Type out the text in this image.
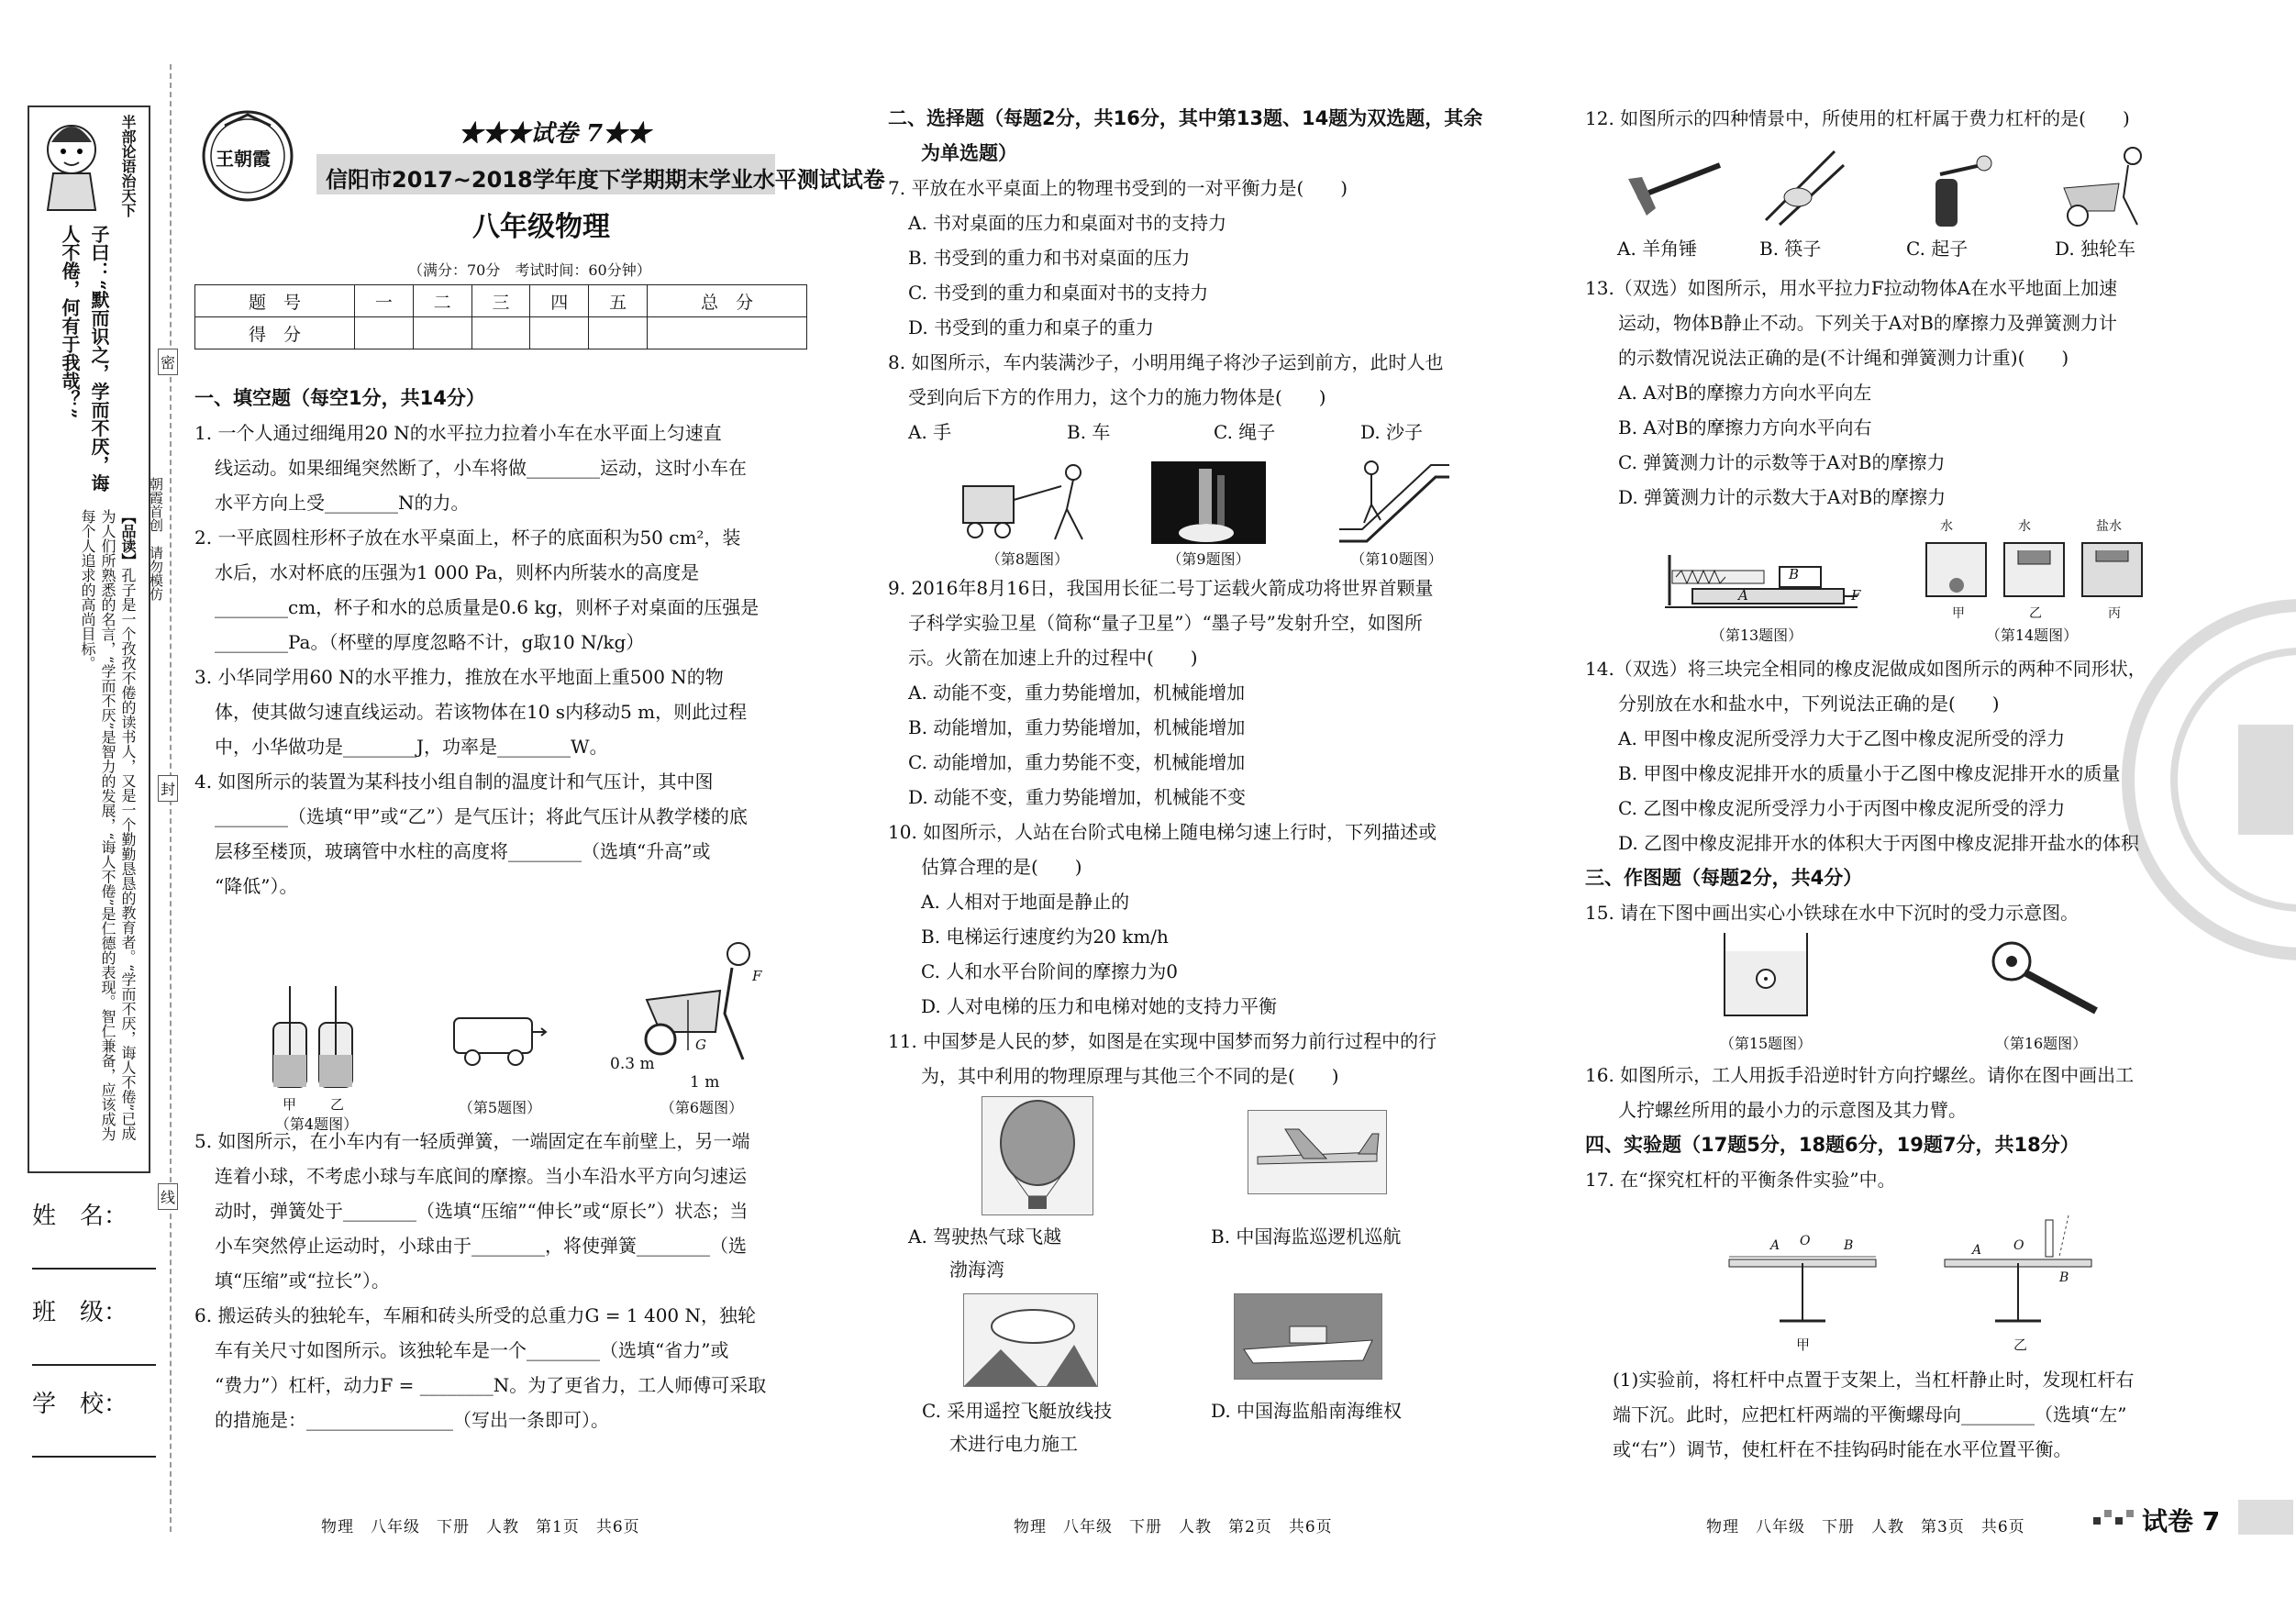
半部论语治天下
子曰：“默而识之，学而不厌，诲人不倦，何有于我哉？”
【品读】孔子是一个孜孜不倦的读书人，又是一个勤勤恳恳的教育者。“学而不厌，诲人不倦”已成为人们所熟悉的名言，“学而不厌”是智力的发展，“诲人不倦”是仁德的表现。智仁兼备，应该成为每个人追求的高尚目标。
密
封
线
朝霞首创　请勿模仿
姓　名：
班　级：
学　校：
王朝霞
★★★试卷 7★★
信阳市2017~2018学年度下学期期末学业水平测试试卷
八年级物理
（满分：70分　考试时间：60分钟）
题　号	一	二	三	四	五	总　分
得　分						
一、填空题（每空1分，共14分）
1. 一个人通过细绳用20 N的水平拉力拉着小车在水平面上匀速直
线运动。如果细绳突然断了，小车将做________运动，这时小车在
水平方向上受________N的力。
2. 一平底圆柱形杯子放在水平桌面上，杯子的底面积为50 cm²，装
水后，水对杯底的压强为1 000 Pa，则杯内所装水的高度是
________cm，杯子和水的总质量是0.6 kg，则杯子对桌面的压强是
________Pa。（杯壁的厚度忽略不计，g取10 N/kg）
3. 小华同学用60 N的水平推力，推放在水平地面上重500 N的物
体，使其做匀速直线运动。若该物体在10 s内移动5 m，则此过程
中，小华做功是________J，功率是________W。
4. 如图所示的装置为某科技小组自制的温度计和气压计，其中图
________（选填“甲”或“乙”）是气压计；将此气压计从教学楼的底
层移至楼顶，玻璃管中水柱的高度将________（选填“升高”或
“降低”）。
甲 乙
（第4题图）
（第5题图）
F
G
0.3 m
1 m
（第6题图）
5. 如图所示，在小车内有一轻质弹簧，一端固定在车前壁上，另一端
连着小球，不考虑小球与车底间的摩擦。当小车沿水平方向匀速运
动时，弹簧处于________（选填“压缩”“伸长”或“原长”）状态；当
小车突然停止运动时，小球由于________，将使弹簧________（选
填“压缩”或“拉长”）。
6. 搬运砖头的独轮车，车厢和砖头所受的总重力G = 1 400 N，独轮
车有关尺寸如图所示。该独轮车是一个________（选填“省力”或
“费力”）杠杆，动力F = ________N。为了更省力，工人师傅可采取
的措施是：________________（写出一条即可）。
物理　八年级　下册　人教　第1页　共6页
二、选择题（每题2分，共16分，其中第13题、14题为双选题，其余
为单选题）
7. 平放在水平桌面上的物理书受到的一对平衡力是(　　)
A. 书对桌面的压力和桌面对书的支持力
B. 书受到的重力和书对桌面的压力
C. 书受到的重力和桌面对书的支持力
D. 书受到的重力和桌子的重力
8. 如图所示，车内装满沙子，小明用绳子将沙子运到前方，此时人也
受到向后下方的作用力，这个力的施力物体是(　　)
A. 手	B. 车	C. 绳子	D. 沙子
（第8题图）	（第9题图）	（第10题图）
9. 2016年8月16日，我国用长征二号丁运载火箭成功将世界首颗量
子科学实验卫星（简称“量子卫星”）“墨子号”发射升空，如图所
示。火箭在加速上升的过程中(　　)
A. 动能不变，重力势能增加，机械能增加
B. 动能增加，重力势能增加，机械能增加
C. 动能增加，重力势能不变，机械能增加
D. 动能不变，重力势能增加，机械能不变
10. 如图所示，人站在台阶式电梯上随电梯匀速上行时，下列描述或
估算合理的是(　　)
A. 人相对于地面是静止的
B. 电梯运行速度约为20 km/h
C. 人和水平台阶间的摩擦力为0
D. 人对电梯的压力和电梯对她的支持力平衡
11. 中国梦是人民的梦，如图是在实现中国梦而努力前行过程中的行
为，其中利用的物理原理与其他三个不同的是(　　)
A. 驾驶热气球飞越
渤海湾
B. 中国海监巡逻机巡航
C. 采用遥控飞艇放线技
术进行电力施工
D. 中国海监船南海维权
物理　八年级　下册　人教　第2页　共6页
12. 如图所示的四种情景中，所使用的杠杆属于费力杠杆的是(　　)
A. 羊角锤	B. 筷子	C. 起子	D. 独轮车
13.（双选）如图所示，用水平拉力F拉动物体A在水平地面上加速
运动，物体B静止不动。下列关于A对B的摩擦力及弹簧测力计
的示数情况说法正确的是(不计绳和弹簧测力计重)(　　)
A. A对B的摩擦力方向水平向左
B. A对B的摩擦力方向水平向右
C. 弹簧测力计的示数等于A对B的摩擦力
D. 弹簧测力计的示数大于A对B的摩擦力
B
A	F
（第13题图）
水	水	盐水
甲	乙	丙
（第14题图）
14.（双选）将三块完全相同的橡皮泥做成如图所示的两种不同形状，
分别放在水和盐水中，下列说法正确的是(　　)
A. 甲图中橡皮泥所受浮力大于乙图中橡皮泥所受的浮力
B. 甲图中橡皮泥排开水的质量小于乙图中橡皮泥排开水的质量
C. 乙图中橡皮泥所受浮力小于丙图中橡皮泥所受的浮力
D. 乙图中橡皮泥排开水的体积大于丙图中橡皮泥排开盐水的体积
三、作图题（每题2分，共4分）
15. 请在下图中画出实心小铁球在水中下沉时的受力示意图。
（第15题图）	（第16题图）
16. 如图所示，工人用扳手沿逆时针方向拧螺丝。请你在图中画出工
人拧螺丝所用的最小力的示意图及其力臂。
四、实验题（17题5分，18题6分，19题7分，共18分）
17. 在“探究杠杆的平衡条件实验”中。
A O	B
甲
A O
B
乙
(1)实验前，将杠杆中点置于支架上，当杠杆静止时，发现杠杆右
端下沉。此时，应把杠杆两端的平衡螺母向________（选填“左”
或“右”）调节，使杠杆在不挂钩码时能在水平位置平衡。
物理　八年级　下册　人教　第3页　共6页	试卷 7
